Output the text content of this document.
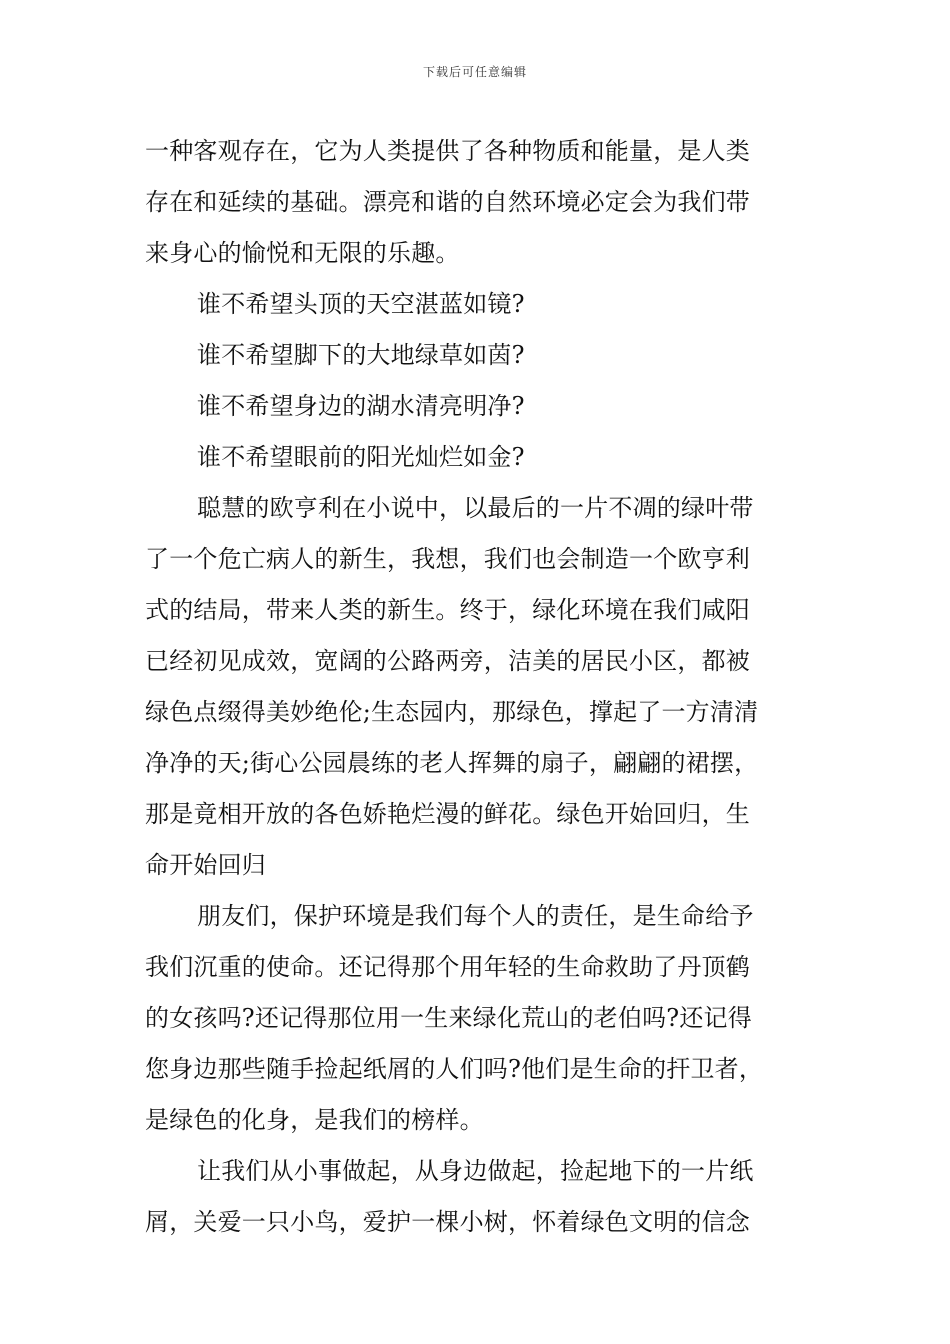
下载后可任意编辑
一种客观存在，它为人类提供了各种物质和能量，是人类
存在和延续的基础。漂亮和谐的自然环境必定会为我们带
来身心的愉悦和无限的乐趣。
谁不希望头顶的天空湛蓝如镜?
谁不希望脚下的大地绿草如茵?
谁不希望身边的湖水清亮明净?
谁不希望眼前的阳光灿烂如金?
聪慧的欧亨利在小说中，以最后的一片不凋的绿叶带
了一个危亡病人的新生，我想，我们也会制造一个欧亨利
式的结局，带来人类的新生。终于，绿化环境在我们咸阳
已经初见成效，宽阔的公路两旁，洁美的居民小区，都被
绿色点缀得美妙绝伦;生态园内，那绿色，撑起了一方清清
净净的天;街心公园晨练的老人挥舞的扇子，翩翩的裙摆，
那是竟相开放的各色娇艳烂漫的鲜花。绿色开始回归，生
命开始回归
朋友们，保护环境是我们每个人的责任，是生命给予
我们沉重的使命。还记得那个用年轻的生命救助了丹顶鹤
的女孩吗?还记得那位用一生来绿化荒山的老伯吗?还记得
您身边那些随手捡起纸屑的人们吗?他们是生命的扞卫者，
是绿色的化身，是我们的榜样。
让我们从小事做起，从身边做起，捡起地下的一片纸
屑，关爱一只小鸟，爱护一棵小树，怀着绿色文明的信念
